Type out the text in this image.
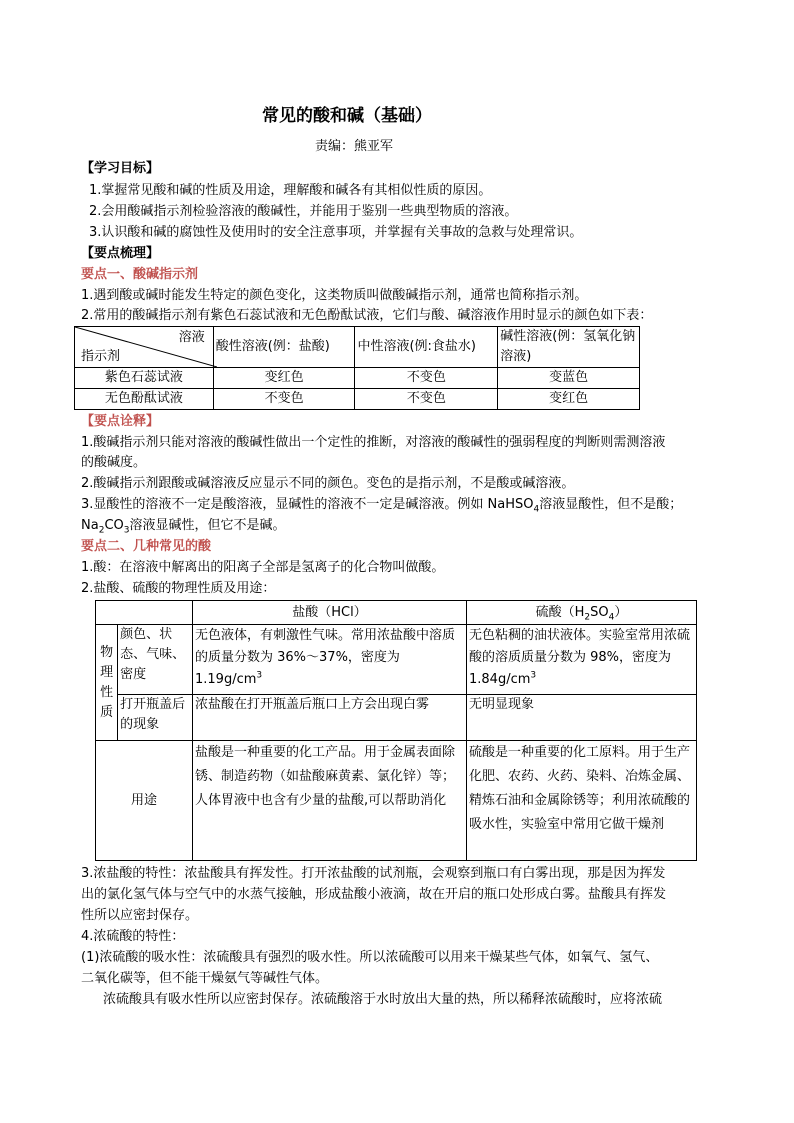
常见的酸和碱（基础）
责编：熊亚军
【学习目标】
1.掌握常见酸和碱的性质及用途，理解酸和碱各有其相似性质的原因。
2.会用酸碱指示剂检验溶液的酸碱性，并能用于鉴别一些典型物质的溶液。
3.认识酸和碱的腐蚀性及使用时的安全注意事项，并掌握有关事故的急救与处理常识。
【要点梳理】
要点一、酸碱指示剂
1.遇到酸或碱时能发生特定的颜色变化，这类物质叫做酸碱指示剂，通常也简称指示剂。
2.常用的酸碱指示剂有紫色石蕊试液和无色酚酞试液，它们与酸、碱溶液作用时显示的颜色如下表：
溶液
指示剂	酸性溶液(例：盐酸)	中性溶液(例:食盐水)	碱性溶液(例：氢氧化钠溶液)
紫色石蕊试液	变红色	不变色	变蓝色
无色酚酞试液	不变色	不变色	变红色
【要点诠释】
1.酸碱指示剂只能对溶液的酸碱性做出一个定性的推断，对溶液的酸碱性的强弱程度的判断则需测溶液
的酸碱度。
2.酸碱指示剂跟酸或碱溶液反应显示不同的颜色。变色的是指示剂，不是酸或碱溶液。
3.显酸性的溶液不一定是酸溶液，显碱性的溶液不一定是碱溶液。例如 NaHSO$_4$溶液显酸性，但不是酸；
$Na_2CO_3$溶液显碱性，但它不是碱。
要点二、几种常见的酸
1.酸：在溶液中解离出的阳离子全部是氢离子的化合物叫做酸。
2.盐酸、硫酸的物理性质及用途：
		盐酸（HCl）	硫酸$(H_2SO_4)$
物理性质	颜色、状态、气味、密度	无色液体，有刺激性气味。常用浓盐酸中溶质的质量分数为 36%～37%，密度为 $1.19g/cm^3$	无色粘稠的油状液体。实验室常用浓硫酸的溶质质量分数为 98%，密度为 $1.84g/cm^3$
	打开瓶盖后的现象	浓盐酸在打开瓶盖后瓶口上方会出现白雾	无明显现象
用途		盐酸是一种重要的化工产品。用于金属表面除锈、制造药物（如盐酸麻黄素、氯化锌）等；人体胃液中也含有少量的盐酸,可以帮助消化	硫酸是一种重要的化工原料。用于生产化肥、农药、火药、染料、冶炼金属、精炼石油和金属除锈等；利用浓硫酸的吸水性，实验室中常用它做干燥剂
3.浓盐酸的特性：浓盐酸具有挥发性。打开浓盐酸的试剂瓶，会观察到瓶口有白雾出现，那是因为挥发
出的氯化氢气体与空气中的水蒸气接触，形成盐酸小液滴，故在开启的瓶口处形成白雾。盐酸具有挥发
性所以应密封保存。
4.浓硫酸的特性：
(1)浓硫酸的吸水性：浓硫酸具有强烈的吸水性。所以浓硫酸可以用来干燥某些气体，如氧气、氢气、
二氧化碳等，但不能干燥氨气等碱性气体。
浓硫酸具有吸水性所以应密封保存。浓硫酸溶于水时放出大量的热，所以稀释浓硫酸时，应将浓硫
